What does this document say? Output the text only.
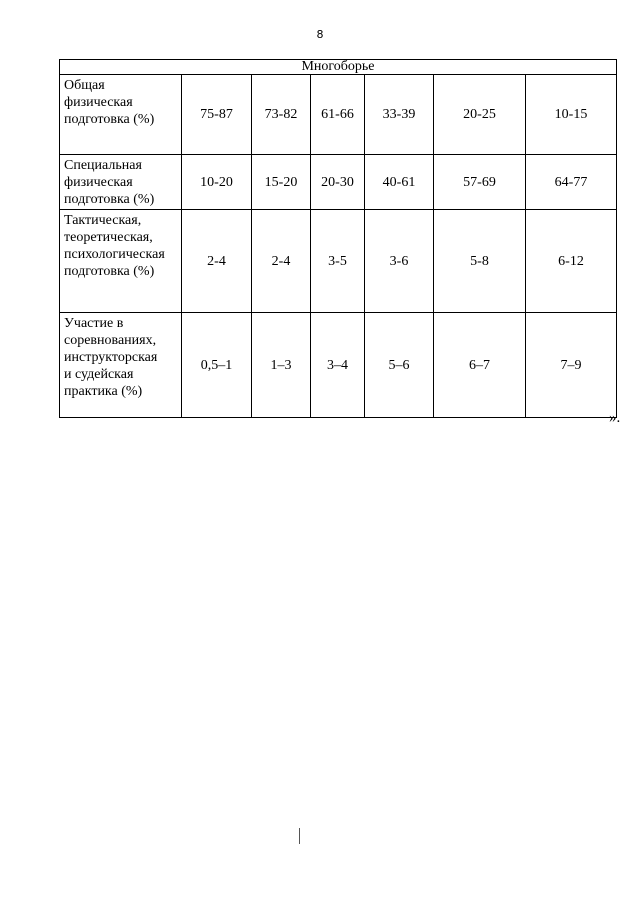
8
Многоборье						
Общая
физическая
подготовка (%)	75-87	73-82	61-66	33-39	20-25	10-15
Специальная
физическая
подготовка (%)	10-20	15-20	20-30	40-61	57-69	64-77
Тактическая,
теоретическая,
психологическая
подготовка (%)	2-4	2-4	3-5	3-6	5-8	6-12
Участие в
соревнованиях,
инструкторская
и судейская
практика (%)	0,5–1	1–3	3–4	5–6	6–7	7–9
».
